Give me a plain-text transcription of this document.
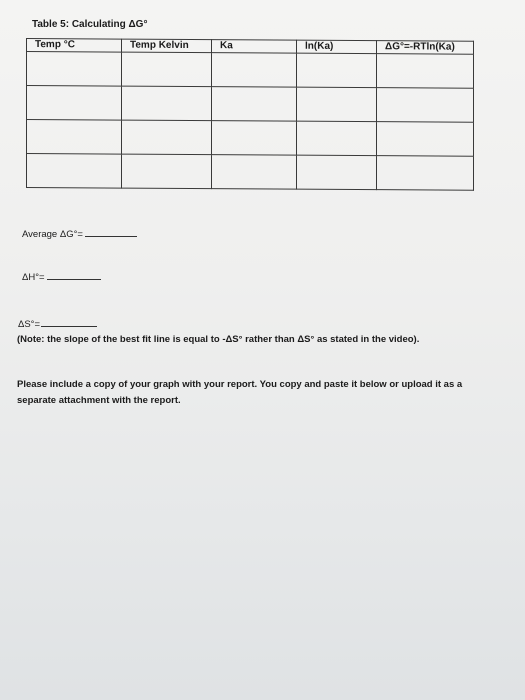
Table 5: Calculating ΔG°
Temp °C	Temp Kelvin	Ka	ln(Ka)	ΔG°=-RTln(Ka)

Average ΔG°=
ΔH°=
ΔS°=
(Note: the slope of the best fit line is equal to -ΔS° rather than ΔS° as stated in the video).
Please include a copy of your graph with your report. You copy and paste it below or upload it as a separate attachment with the report.
